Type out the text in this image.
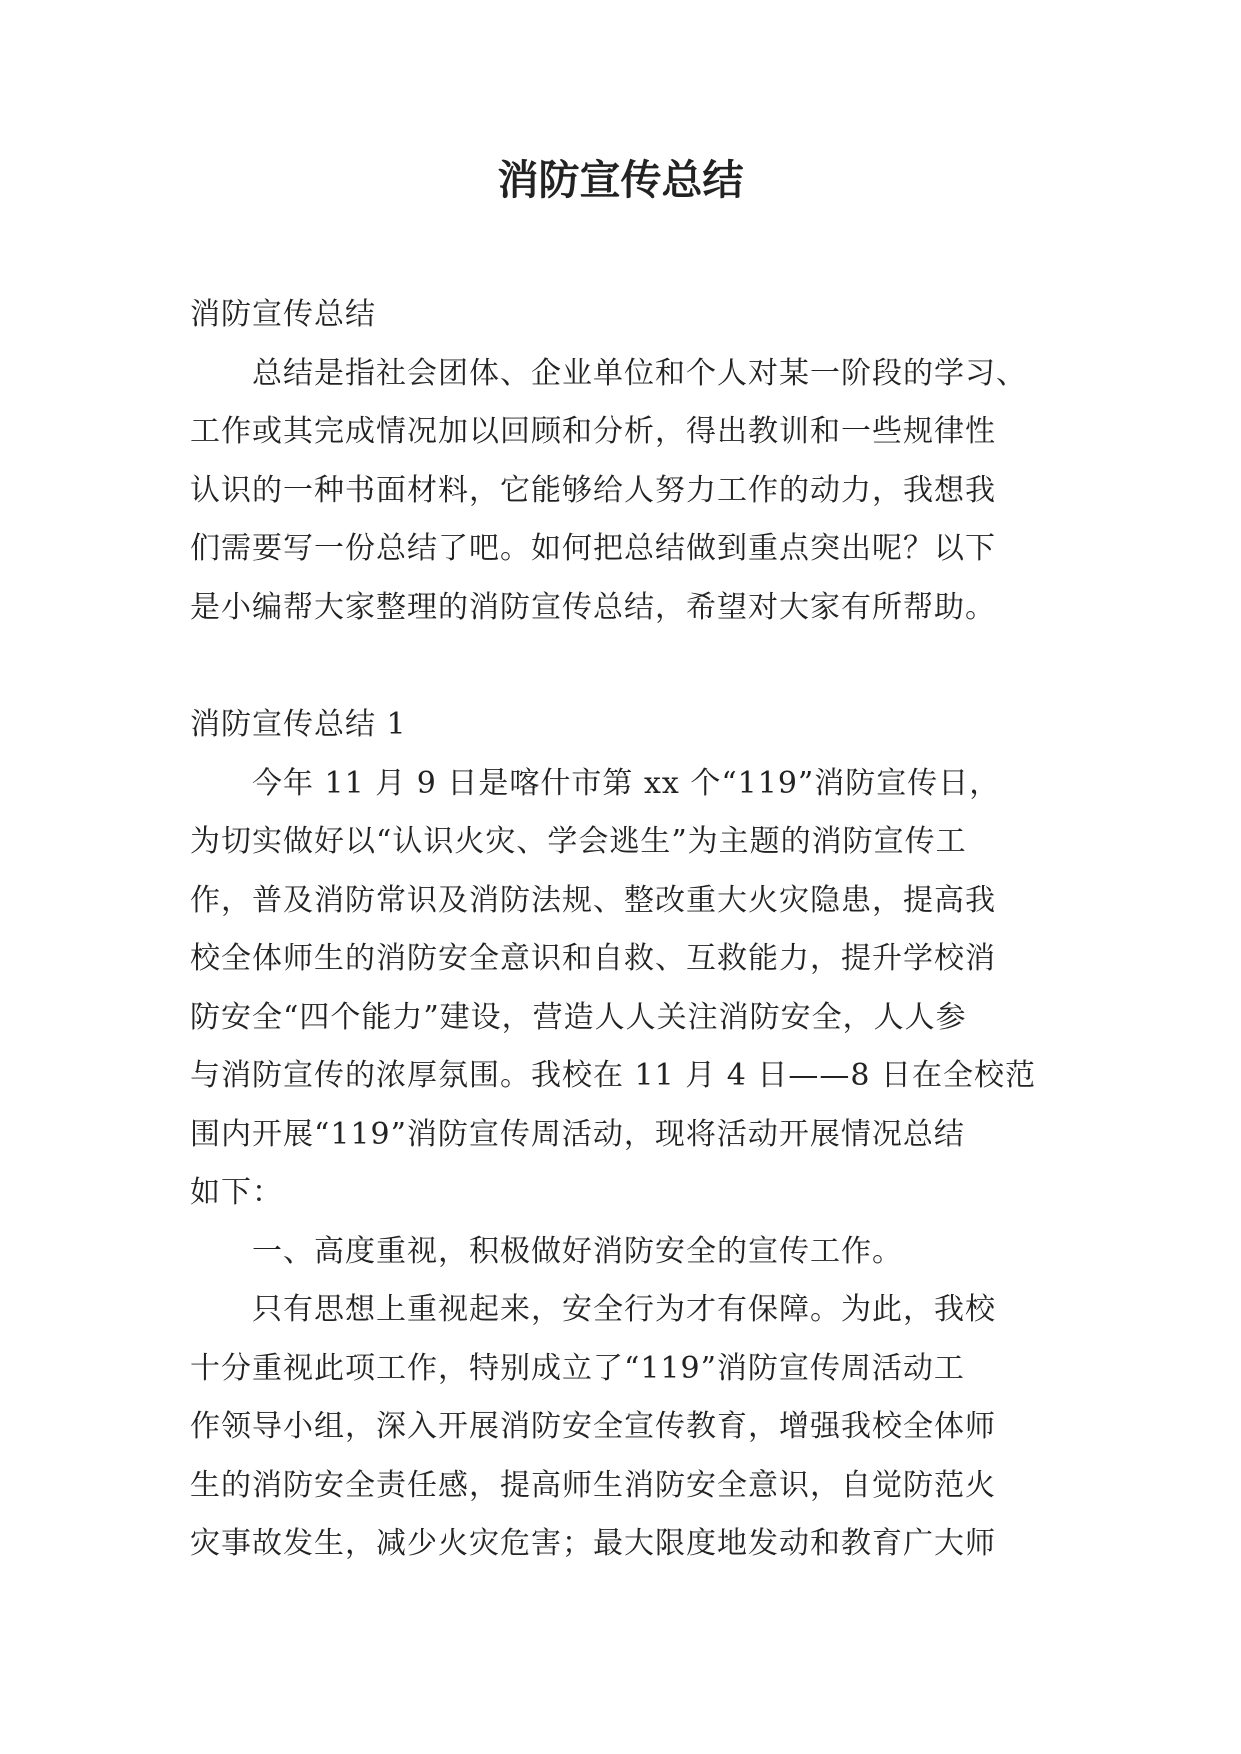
消防宣传总结

消防宣传总结

　　总结是指社会团体、企业单位和个人对某一阶段的学习、

工作或其完成情况加以回顾和分析，得出教训和一些规律性

认识的一种书面材料，它能够给人努力工作的动力，我想我

们需要写一份总结了吧。如何把总结做到重点突出呢？以下

是小编帮大家整理的消防宣传总结，希望对大家有所帮助。

消防宣传总结 1

　　今年 11 月 9 日是喀什市第 xx 个“119”消防宣传日，

为切实做好以“认识火灾、学会逃生”为主题的消防宣传工

作，普及消防常识及消防法规、整改重大火灾隐患，提高我

校全体师生的消防安全意识和自救、互救能力，提升学校消

防安全“四个能力”建设，营造人人关注消防安全，人人参

与消防宣传的浓厚氛围。我校在 11 月 4 日——8 日在全校范

围内开展“119”消防宣传周活动，现将活动开展情况总结

如下：

　　一、高度重视，积极做好消防安全的宣传工作。

　　只有思想上重视起来，安全行为才有保障。为此，我校

十分重视此项工作，特别成立了“119”消防宣传周活动工

作领导小组，深入开展消防安全宣传教育，增强我校全体师

生的消防安全责任感，提高师生消防安全意识，自觉防范火

灾事故发生，减少火灾危害；最大限度地发动和教育广大师
